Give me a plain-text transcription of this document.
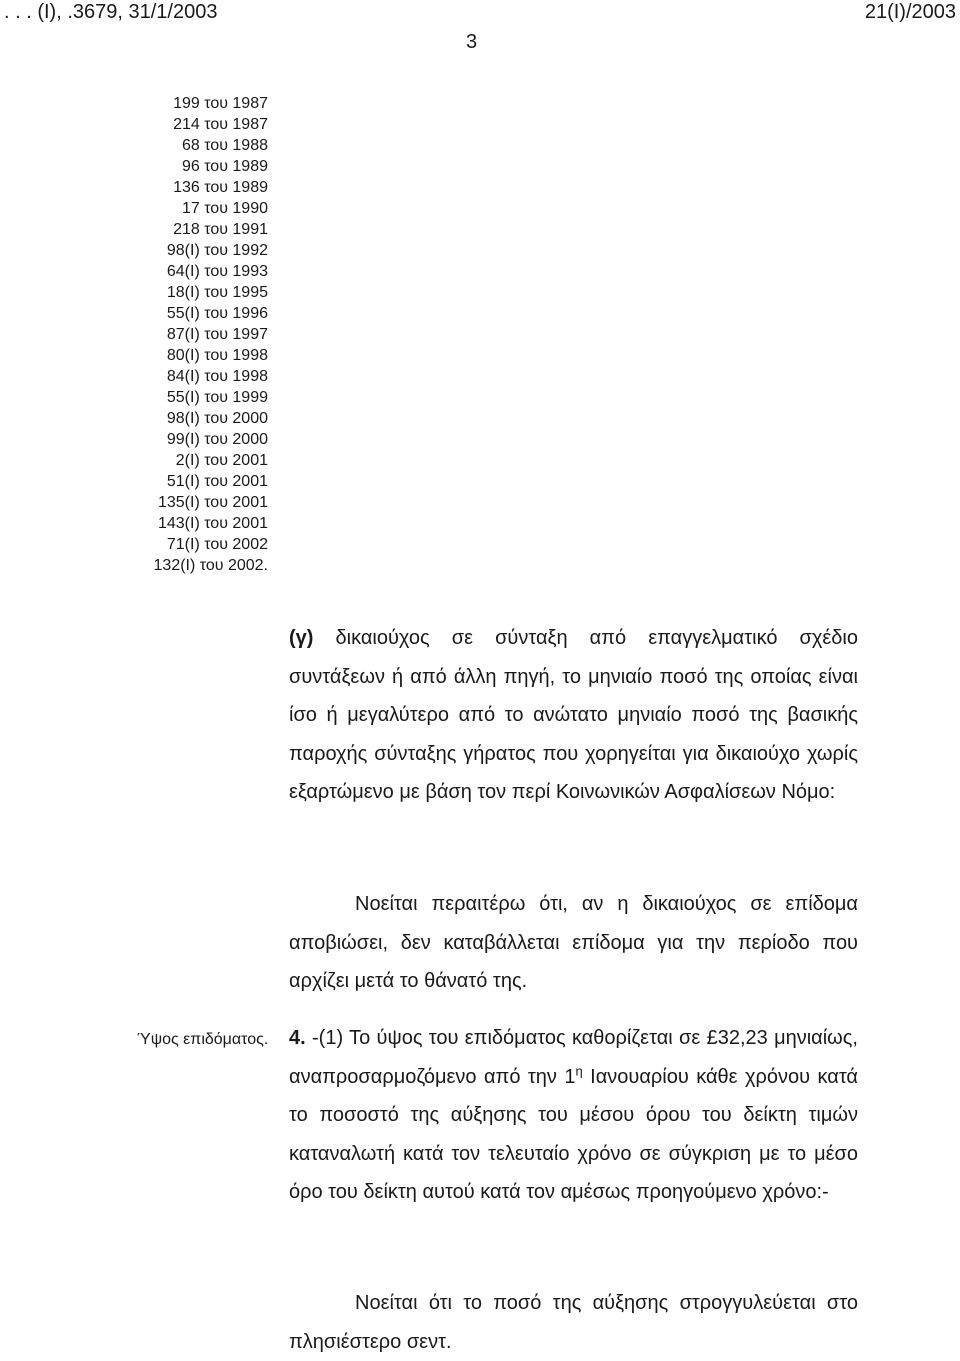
. . . (Ι), .3679, 31/1/2003	21(Ι)/2003
3
199 του 1987
214 του 1987
68 του 1988
96 του 1989
136 του 1989
17 του 1990
218 του 1991
98(Ι) του 1992
64(Ι) του 1993
18(Ι) του 1995
55(Ι) του 1996
87(Ι) του 1997
80(Ι) του 1998
84(Ι) του 1998
55(Ι) του 1999
98(Ι) του 2000
99(Ι) του 2000
2(Ι) του 2001
51(Ι) του 2001
135(Ι) του 2001
143(Ι) του 2001
71(Ι) του 2002
132(Ι) του 2002.

(γ) δικαιούχος σε σύνταξη από επαγγελματικό σχέδιο συντάξεων ή από άλλη πηγή, το μηνιαίο ποσό της οποίας είναι ίσο ή μεγαλύτερο από το ανώτατο μηνιαίο ποσό της βασικής παροχής σύνταξης γήρατος που χορηγείται για δικαιούχο χωρίς εξαρτώμενο με βάση τον περί Κοινωνικών Ασφαλίσεων Νόμο:

Νοείται περαιτέρω ότι, αν η δικαιούχος σε επίδομα αποβιώσει, δεν καταβάλλεται επίδομα για την περίοδο που αρχίζει μετά το θάνατό της.

Ύψος επιδόματος. 4. -(1) Το ύψος του επιδόματος καθορίζεται σε £32,23 μηνιαίως, αναπροσαρμοζόμενο από την $1^\eta$ Ιανουαρίου κάθε χρόνου κατά το ποσοστό της αύξησης του μέσου όρου του δείκτη τιμών καταναλωτή κατά τον τελευταίο χρόνο σε σύγκριση με το μέσο όρο του δείκτη αυτού κατά τον αμέσως προηγούμενο χρόνο:-

Νοείται ότι το ποσό της αύξησης στρογγυλεύεται στο πλησιέστερο σεντ.
